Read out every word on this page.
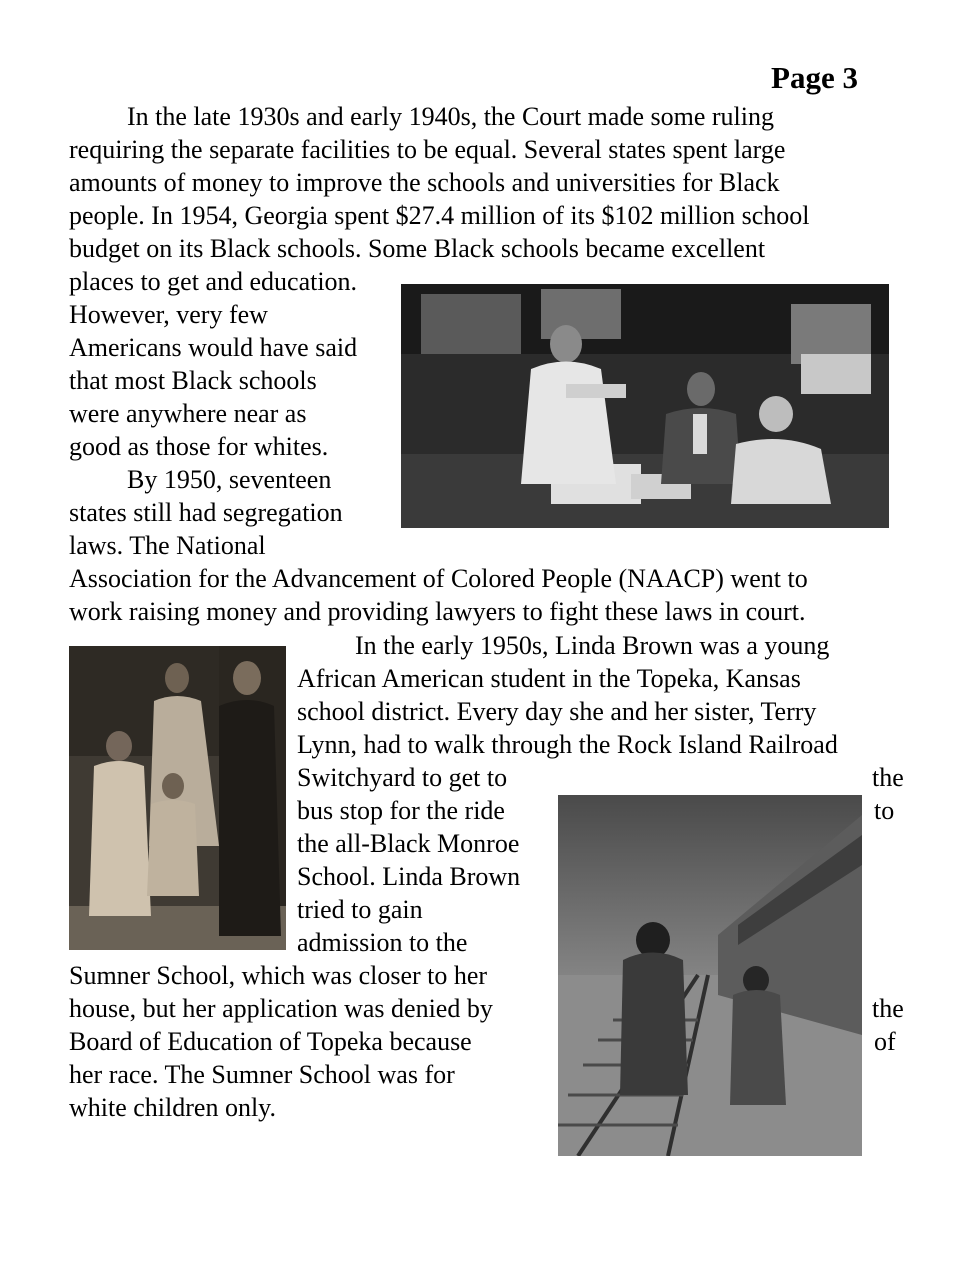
Page 3
In the late 1930s and early 1940s, the Court made some ruling
requiring the separate facilities to be equal. Several states spent large
amounts of money to improve the schools and universities for Black
people. In 1954, Georgia spent $27.4 million of its $102 million school
budget on its Black schools. Some Black schools became excellent
places to get and education.
However, very few
Americans would have said
that most Black schools
were anywhere near as
good as those for whites.
By 1950, seventeen
states still had segregation
laws. The National
Association for the Advancement of Colored People (NAACP) went to
work raising money and providing lawyers to fight these laws in court.
In the early 1950s, Linda Brown was a young
African American student in the Topeka, Kansas
school district. Every day she and her sister, Terry
Lynn, had to walk through the Rock Island Railroad
Switchyard to get to	the
bus stop for the ride	to
the all-Black Monroe
School. Linda Brown
tried to gain
admission to the
Sumner School, which was closer to her
house, but her application was denied by	the
Board of Education of Topeka because	of
her race. The Sumner School was for
white children only.
